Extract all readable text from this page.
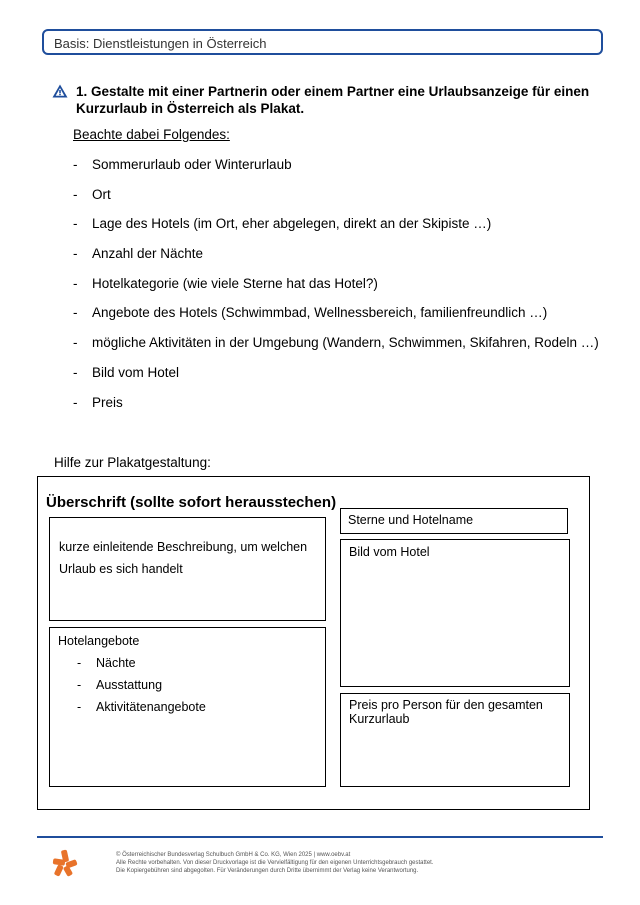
Basis: Dienstleistungen in Österreich
1. Gestalte mit einer Partnerin oder einem Partner eine Urlaubsanzeige für einen Kurzurlaub in Österreich als Plakat.
Beachte dabei Folgendes:
-	Sommerurlaub oder Winterurlaub
-	Ort
-	Lage des Hotels (im Ort, eher abgelegen, direkt an der Skipiste …)
-	Anzahl der Nächte
-	Hotelkategorie (wie viele Sterne hat das Hotel?)
-	Angebote des Hotels (Schwimmbad, Wellnessbereich, familienfreundlich …)
-	mögliche Aktivitäten in der Umgebung (Wandern, Schwimmen, Skifahren, Rodeln …)
-	Bild vom Hotel
-	Preis
Hilfe zur Plakatgestaltung:
Überschrift (sollte sofort herausstechen)
kurze einleitende Beschreibung, um welchen Urlaub es sich handelt
Hotelangebote
-	Nächte
-	Ausstattung
-	Aktivitätenangebote
Sterne und Hotelname
Bild vom Hotel
Preis pro Person für den gesamten Kurzurlaub
© Österreichischer Bundesverlag Schulbuch GmbH & Co. KG, Wien 2025 | www.oebv.at
Alle Rechte vorbehalten. Von dieser Druckvorlage ist die Vervielfältigung für den eigenen Unterrichtsgebrauch gestattet.
Die Kopiergebühren sind abgegolten. Für Veränderungen durch Dritte übernimmt der Verlag keine Verantwortung.
